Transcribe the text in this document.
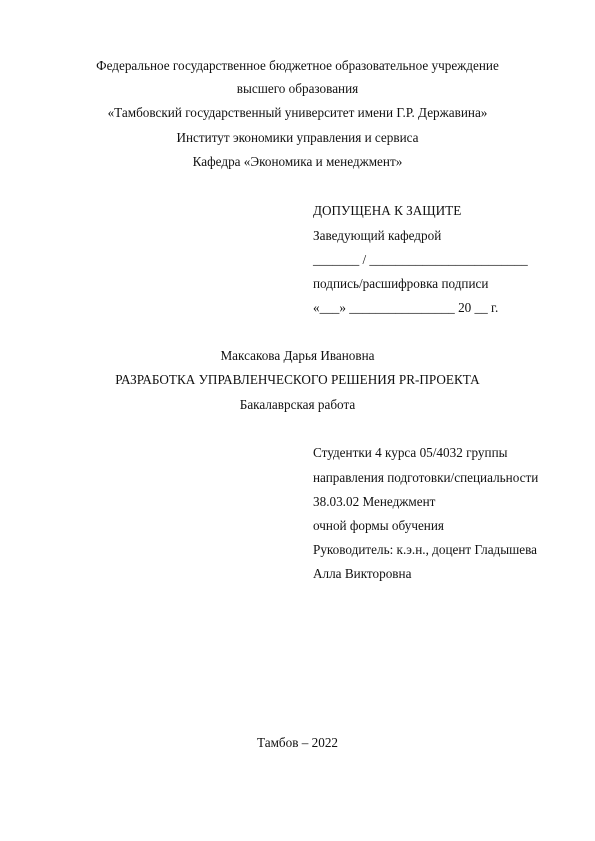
Федеральное государственное бюджетное образовательное учреждение
высшего образования
«Тамбовский государственный университет имени Г.Р. Державина»
Институт экономики управления и сервиса
Кафедра «Экономика и менеджмент»
ДОПУЩЕНА К ЗАЩИТЕ
Заведующий кафедрой
_______ / ________________________
подпись/расшифровка подписи
«___» ________________ 20 __ г.
Максакова Дарья Ивановна
РАЗРАБОТКА УПРАВЛЕНЧЕСКОГО РЕШЕНИЯ PR-ПРОЕКТА
Бакалаврская работа
Студентки 4 курса 05/4032 группы
направления подготовки/специальности
38.03.02 Менеджмент
очной формы обучения
Руководитель: к.э.н., доцент Гладышева
Алла Викторовна
Тамбов – 2022
